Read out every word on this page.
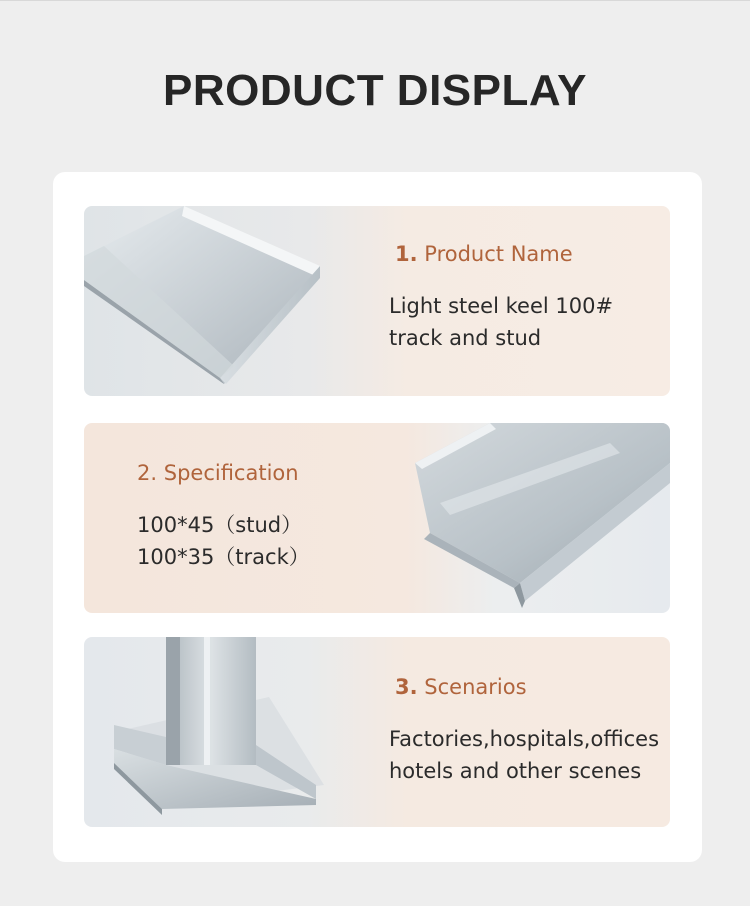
PRODUCT DISPLAY

1. Product Name

Light steel keel 100#
track and stud

2. Specification

100*45（stud）
100*35（track）

3. Scenarios

Factories,hospitals,offices
hotels and other scenes
